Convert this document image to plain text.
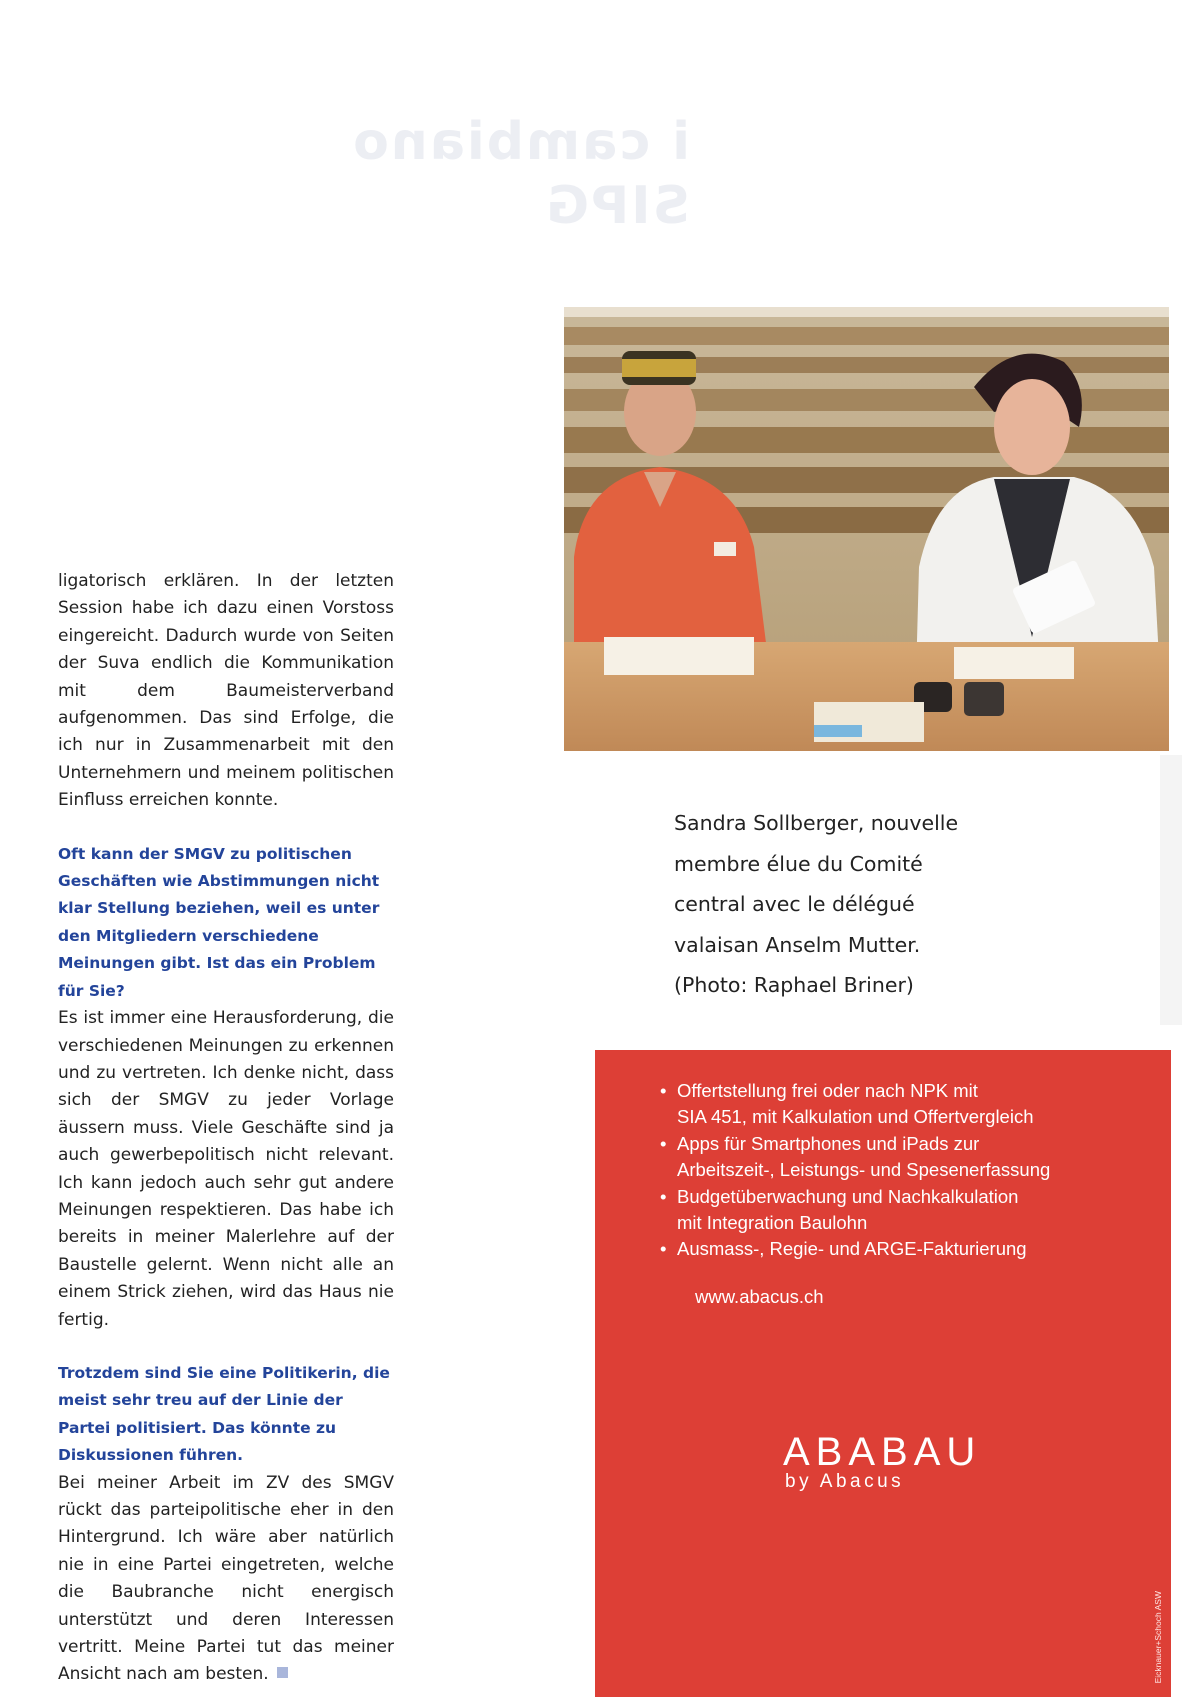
i cambiano
SIPG

ligatorisch erklären. In der letzten Session habe ich dazu einen Vorstoss eingereicht. Dadurch wurde von Seiten der Suva endlich die Kommunikation mit dem Baumeisterverband aufgenommen. Das sind Erfolge, die ich nur in Zusammenarbeit mit den Unternehmern und meinem politischen Einfluss erreichen konnte.

Oft kann der SMGV zu politischen Geschäften wie Abstimmungen nicht klar Stellung beziehen, weil es unter den Mitgliedern verschiedene Meinungen gibt. Ist das ein Problem für Sie?

Es ist immer eine Herausforderung, die verschiedenen Meinungen zu erkennen und zu vertreten. Ich denke nicht, dass sich der SMGV zu jeder Vorlage äussern muss. Viele Geschäfte sind ja auch gewerbepolitisch nicht relevant. Ich kann jedoch auch sehr gut andere Meinungen respektieren. Das habe ich bereits in meiner Malerlehre auf der Baustelle gelernt. Wenn nicht alle an einem Strick ziehen, wird das Haus nie fertig.

Trotzdem sind Sie eine Politikerin, die meist sehr treu auf der Linie der Partei politisiert. Das könnte zu Diskussionen führen.

Bei meiner Arbeit im ZV des SMGV rückt das parteipolitische eher in den Hintergrund. Ich wäre aber natürlich nie in eine Partei eingetreten, welche die Baubranche nicht energisch unterstützt und deren Interessen vertritt. Meine Partei tut das meiner Ansicht nach am besten.

Sandra Sollberger, nouvelle
membre élue du Comité
central avec le délégué
valaisan Anselm Mutter.
(Photo: Raphael Briner)
• Offertstellung frei oder nach NPK mit
SIA 451, mit Kalkulation und Offertvergleich
• Apps für Smartphones und iPads zur
Arbeitszeit-, Leistungs- und Spesenerfassung
• Budgetüberwachung und Nachkalkulation
mit Integration Baulohn
• Ausmass-, Regie- und ARGE-Fakturierung
www.abacus.ch
ABABAU
by Abacus
Eicknauer+Schoch ASW
